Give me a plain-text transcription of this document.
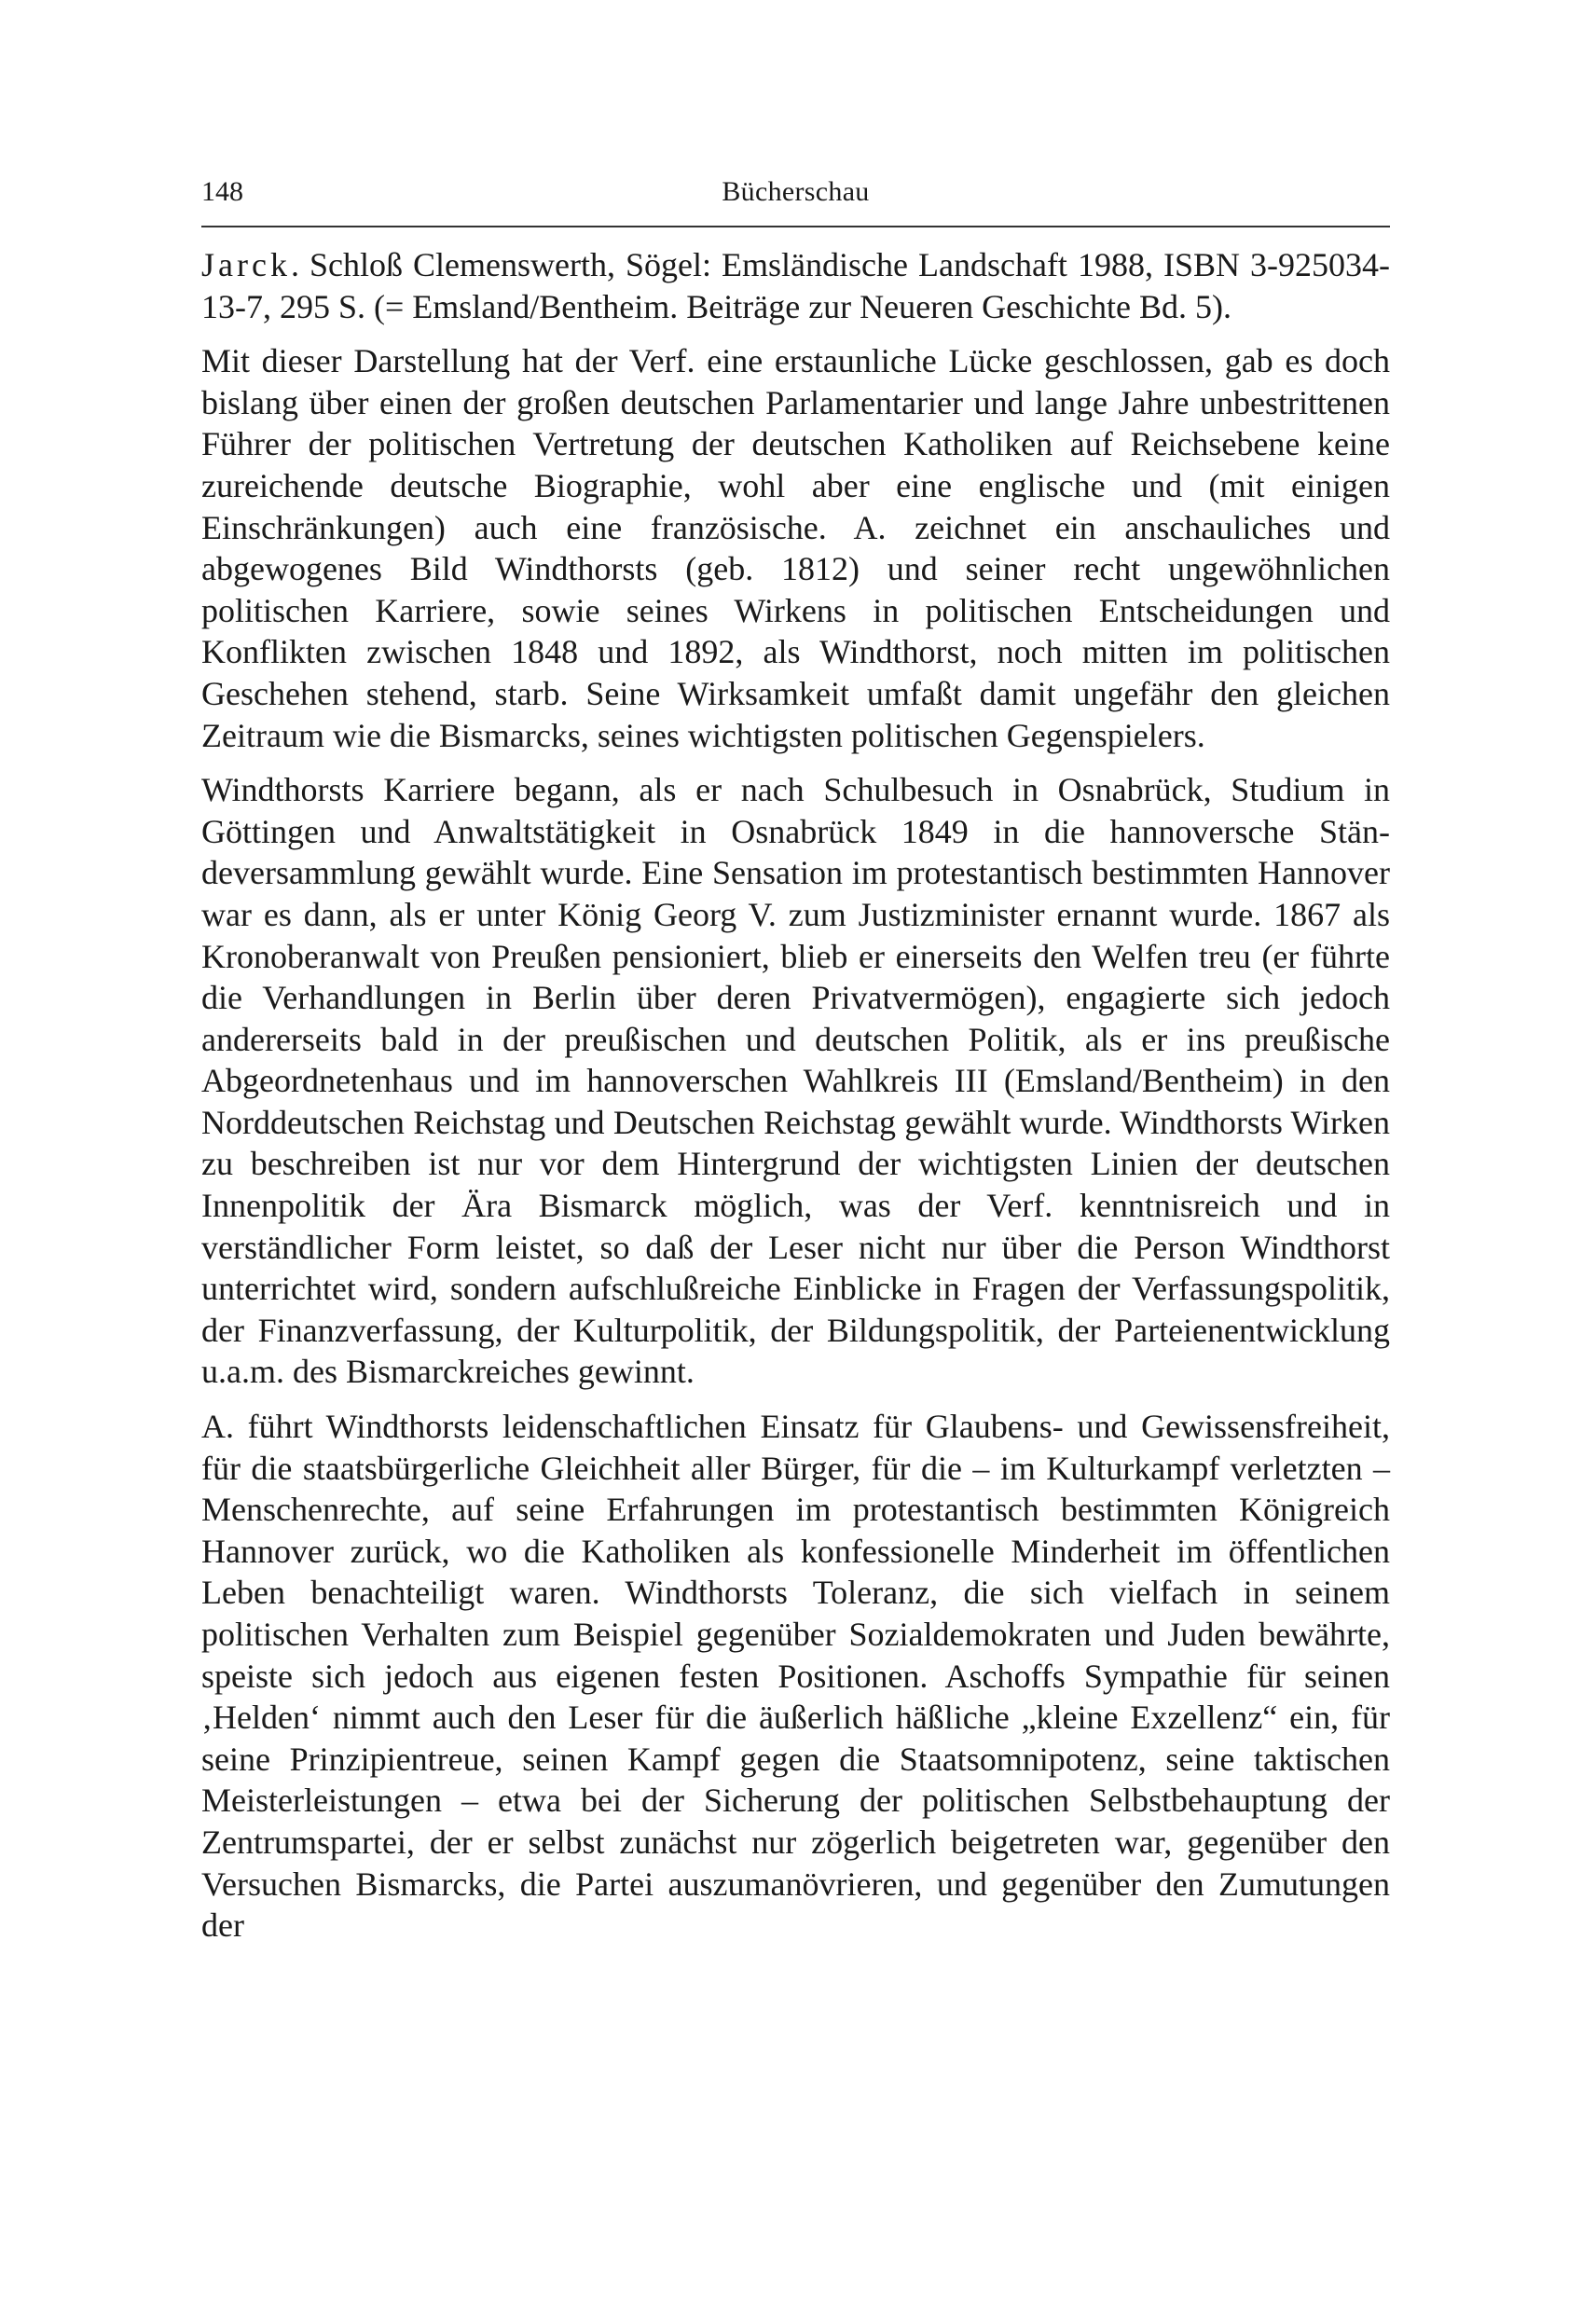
148	Bücherschau

Jarck. Schloß Clemenswerth, Sögel: Emsländische Landschaft 1988, ISBN 3-925034-13-7, 295 S. (= Emsland/Bentheim. Beiträge zur Neueren Geschichte Bd. 5).

Mit dieser Darstellung hat der Verf. eine erstaunliche Lücke geschlossen, gab es doch bislang über einen der großen deutschen Parlamentarier und lange Jahre unbestrittenen Führer der politischen Vertretung der deutschen Katholiken auf Reichsebene keine zureichende deutsche Biographie, wohl aber eine englische und (mit einigen Einschränkungen) auch eine französische. A. zeichnet ein anschauliches und abgewogenes Bild Windthorsts (geb. 1812) und seiner recht ungewöhnlichen politischen Karriere, sowie seines Wirkens in politischen Entscheidungen und Konflikten zwischen 1848 und 1892, als Windthorst, noch mitten im politischen Geschehen stehend, starb. Seine Wirksamkeit umfaßt damit ungefähr den gleichen Zeitraum wie die Bismarcks, seines wichtigsten politischen Gegenspielers.

Windthorsts Karriere begann, als er nach Schulbesuch in Osnabrück, Studium in Göttingen und Anwaltstätigkeit in Osnabrück 1849 in die hannoversche Ständeversammlung gewählt wurde. Eine Sensation im protestantisch bestimmten Hannover war es dann, als er unter König Georg V. zum Justizminister ernannt wurde. 1867 als Kronoberanwalt von Preußen pensioniert, blieb er einerseits den Welfen treu (er führte die Verhandlungen in Berlin über deren Privatvermögen), engagierte sich jedoch andererseits bald in der preußischen und deutschen Politik, als er ins preußische Abgeordnetenhaus und im hannoverschen Wahlkreis III (Emsland/Bentheim) in den Norddeutschen Reichstag und Deutschen Reichstag gewählt wurde. Windthorsts Wirken zu beschreiben ist nur vor dem Hintergrund der wichtigsten Linien der deutschen Innenpolitik der Ära Bismarck möglich, was der Verf. kenntnisreich und in verständlicher Form leistet, so daß der Leser nicht nur über die Person Windthorst unterrichtet wird, sondern aufschlußreiche Einblicke in Fragen der Verfassungspolitik, der Finanzverfassung, der Kulturpolitik, der Bildungspolitik, der Parteienentwicklung u.a.m. des Bismarckreiches gewinnt.

A. führt Windthorsts leidenschaftlichen Einsatz für Glaubens- und Gewissensfreiheit, für die staatsbürgerliche Gleichheit aller Bürger, für die – im Kulturkampf verletzten – Menschenrechte, auf seine Erfahrungen im protestantisch bestimmten Königreich Hannover zurück, wo die Katholiken als konfessionelle Minderheit im öffentlichen Leben benachteiligt waren. Windthorsts Toleranz, die sich vielfach in seinem politischen Verhalten zum Beispiel gegenüber Sozialdemokraten und Juden bewährte, speiste sich jedoch aus eigenen festen Positionen. Aschoffs Sympathie für seinen ‚Helden‘ nimmt auch den Leser für die äußerlich häßliche „kleine Exzellenz“ ein, für seine Prinzipientreue, seinen Kampf gegen die Staatsomnipotenz, seine taktischen Meisterleistungen – etwa bei der Sicherung der politischen Selbstbehauptung der Zentrumspartei, der er selbst zunächst nur zögerlich beigetreten war, gegenüber den Versuchen Bismarcks, die Partei auszumanövrieren, und gegenüber den Zumutungen der
